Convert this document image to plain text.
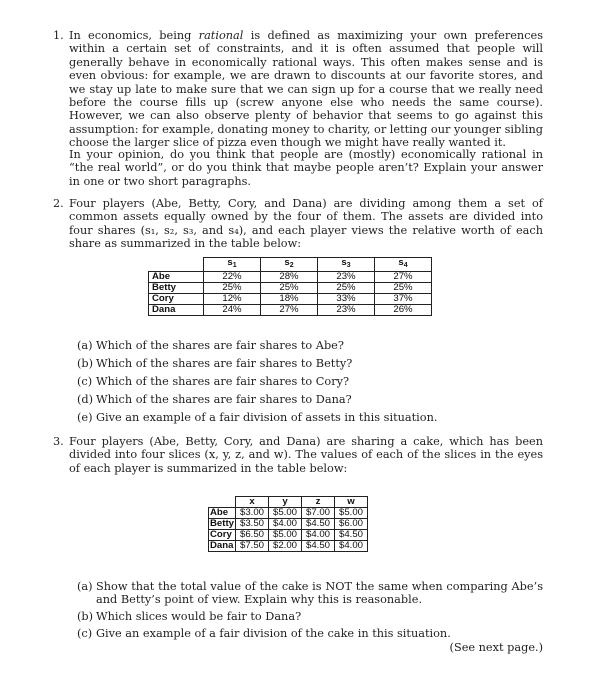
1. In economics, being rational is defined as maximizing your own preferences within a certain set of constraints, and it is often assumed that people will generally behave in economically rational ways. This often makes sense and is even obvious: for example, we are drawn to discounts at our favorite stores, and we stay up late to make sure that we can sign up for a course that we really need before the course fills up (screw anyone else who needs the same course). However, we can also observe plenty of behavior that seems to go against this assumption: for example, donating money to charity, or letting our younger sibling choose the larger slice of pizza even though we might have really wanted it.

In your opinion, do you think that people are (mostly) economically rational in “the real world”, or do you think that maybe people aren’t? Explain your answer in one or two short paragraphs.

2. Four players (Abe, Betty, Cory, and Dana) are dividing among them a set of common assets equally owned by the four of them. The assets are divided into four shares (s₁, s₂, s₃, and s₄), and each player views the relative worth of each share as summarized in the table below:

	$s_1$	$s_2$	$s_3$	$s_4$
Abe	22%	28%	23%	27%
Betty	25%	25%	25%	25%
Cory	12%	18%	33%	37%
Dana	24%	27%	23%	26%
(a) Which of the shares are fair shares to Abe?
(b) Which of the shares are fair shares to Betty?
(c) Which of the shares are fair shares to Cory?
(d) Which of the shares are fair shares to Dana?
(e) Give an example of a fair division of assets in this situation.
3. Four players (Abe, Betty, Cory, and Dana) are sharing a cake, which has been divided into four slices (x, y, z, and w). The values of each of the slices in the eyes of each player is summarized in the table below:

	x	y	z	w
Abe	$3.00	$5.00	$7.00	$5.00
Betty	$3.50	$4.00	$4.50	$6.00
Cory	$6.50	$5.00	$4.00	$4.50
Dana	$7.50	$2.00	$4.50	$4.00
(a) Show that the total value of the cake is NOT the same when comparing Abe’s and Betty’s point of view. Explain why this is reasonable.
(b) Which slices would be fair to Dana?
(c) Give an example of a fair division of the cake in this situation.
(See next page.)
